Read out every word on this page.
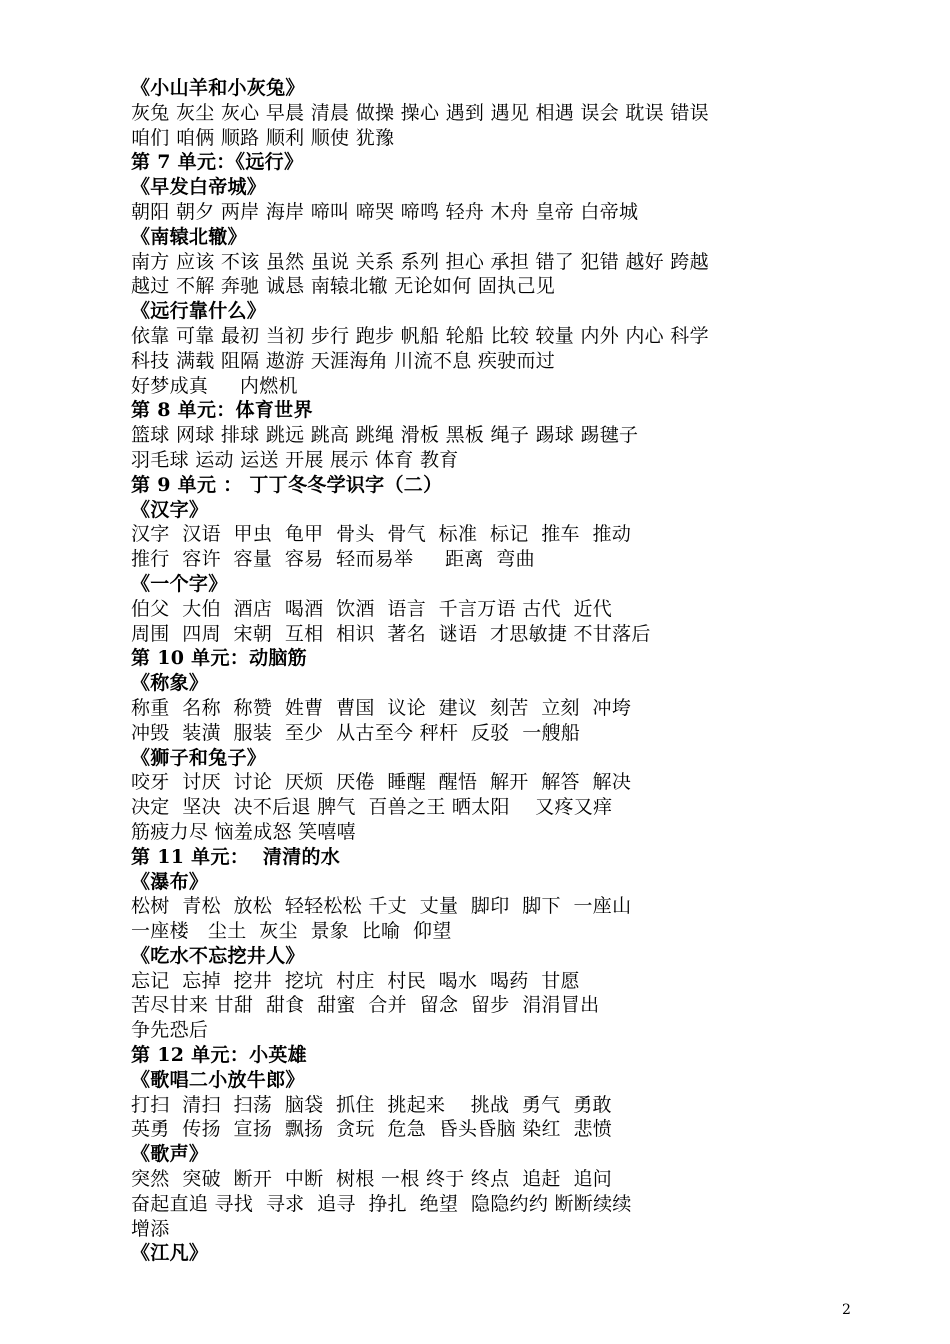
《小山羊和小灰兔》
灰兔 灰尘 灰心 早晨 清晨 做操 操心 遇到 遇见 相遇 误会 耽误 错误
咱们 咱俩 顺路 顺利 顺使 犹豫
第 7 单元：《远行》
《早发白帝城》
朝阳 朝夕 两岸 海岸 啼叫 啼哭 啼鸣 轻舟 木舟 皇帝 白帝城
《南辕北辙》
南方 应该 不该 虽然 虽说 关系 系列 担心 承担 错了 犯错 越好 跨越
越过 不解 奔驰 诚恳 南辕北辙 无论如何 固执己见
《远行靠什么》
依靠 可靠 最初 当初 步行 跑步 帆船 轮船 比较 较量 内外 内心 科学
科技 满载 阻隔 遨游 天涯海角 川流不息 疾驶而过
好梦成真     内燃机
第 8 单元：体育世界
篮球 网球 排球 跳远 跳高 跳绳 滑板 黑板 绳子 踢球 踢毽子
羽毛球 运动 运送 开展 展示 体育 教育
第 9 单元 ： 丁丁冬冬学识字（二）
《汉字》
汉字  汉语  甲虫  龟甲  骨头  骨气  标准  标记  推车  推动
推行  容许  容量  容易  轻而易举     距离  弯曲
《一个字》
伯父  大伯  酒店  喝酒  饮酒  语言  千言万语 古代  近代
周围  四周  宋朝  互相  相识  著名  谜语  才思敏捷 不甘落后
第 10 单元：动脑筋
《称象》
称重  名称  称赞  姓曹  曹国  议论  建议  刻苦  立刻  冲垮
冲毁  装潢  服装  至少  从古至今 秤杆  反驳  一艘船
《狮子和兔子》
咬牙  讨厌  讨论  厌烦  厌倦  睡醒  醒悟  解开  解答  解决
决定  坚决  决不后退 脾气  百兽之王 晒太阳    又疼又痒
筋疲力尽 恼羞成怒 笑嘻嘻
第 11 单元：  清清的水
《瀑布》
松树  青松  放松  轻轻松松 千丈  丈量  脚印  脚下  一座山
一座楼   尘土  灰尘  景象  比喻  仰望
《吃水不忘挖井人》
忘记  忘掉  挖井  挖坑  村庄  村民  喝水  喝药  甘愿
苦尽甘来 甘甜  甜食  甜蜜  合并  留念  留步  涓涓冒出
争先恐后
第 12 单元：小英雄
《歌唱二小放牛郎》
打扫  清扫  扫荡  脑袋  抓住  挑起来    挑战  勇气  勇敢
英勇  传扬  宣扬  飘扬  贪玩  危急  昏头昏脑 染红  悲愤
《歌声》
突然  突破  断开  中断  树根 一根 终于 终点  追赶  追问
奋起直追 寻找  寻求  追寻  挣扎  绝望  隐隐约约 断断续续
增添
《江凡》
2
